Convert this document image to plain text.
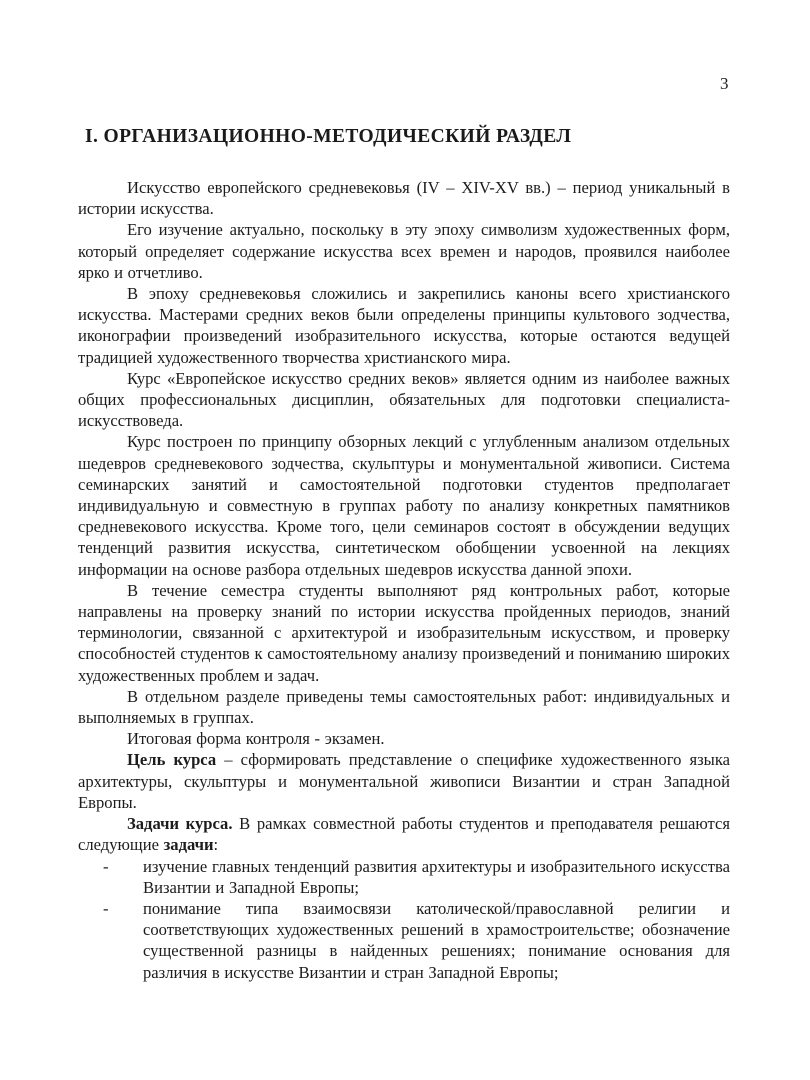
3
I. ОРГАНИЗАЦИОННО-МЕТОДИЧЕСКИЙ РАЗДЕЛ

Искусство европейского средневековья (IV – XIV-XV вв.) – период уникальный в истории искусства.

Его изучение актуально, поскольку в эту эпоху символизм художественных форм, который определяет содержание искусства всех времен и народов, проявился наиболее ярко и отчетливо.

В эпоху средневековья сложились и закрепились каноны всего христианского искусства. Мастерами средних веков были определены принципы культового зодчества, иконографии произведений изобразительного искусства, которые остаются ведущей традицией художественного творчества христианского мира.

Курс «Европейское искусство средних веков» является одним из наиболее важных общих профессиональных дисциплин, обязательных для подготовки специалиста-искусствоведа.

Курс построен по принципу обзорных лекций с углубленным анализом отдельных шедевров средневекового зодчества, скульптуры и монументальной живописи. Система семинарских занятий и самостоятельной подготовки студентов предполагает индивидуальную и совместную в группах работу по анализу конкретных памятников средневекового искусства. Кроме того, цели семинаров состоят в обсуждении ведущих тенденций развития искусства, синтетическом обобщении усвоенной на лекциях информации на основе разбора отдельных шедевров искусства данной эпохи.

В течение семестра студенты выполняют ряд контрольных работ, которые направлены на проверку знаний по истории искусства пройденных периодов, знаний терминологии, связанной с архитектурой и изобразительным искусством, и проверку способностей студентов к самостоятельному анализу произведений и пониманию широких художественных проблем и задач.

В отдельном разделе приведены темы самостоятельных работ: индивидуальных и выполняемых в группах.

Итоговая форма контроля - экзамен.

Цель курса – сформировать представление о специфике художественного языка архитектуры, скульптуры и монументальной живописи Византии и стран Западной Европы.

Задачи курса. В рамках совместной работы студентов и преподавателя решаются следующие задачи:

-	изучение главных тенденций развития архитектуры и изобразительного искусства Византии и Западной Европы;
-	понимание типа взаимосвязи католической/православной религии и соответствующих художественных решений в храмостроительстве; обозначение существенной разницы в найденных решениях; понимание основания для различия в искусстве Византии и стран Западной Европы;
